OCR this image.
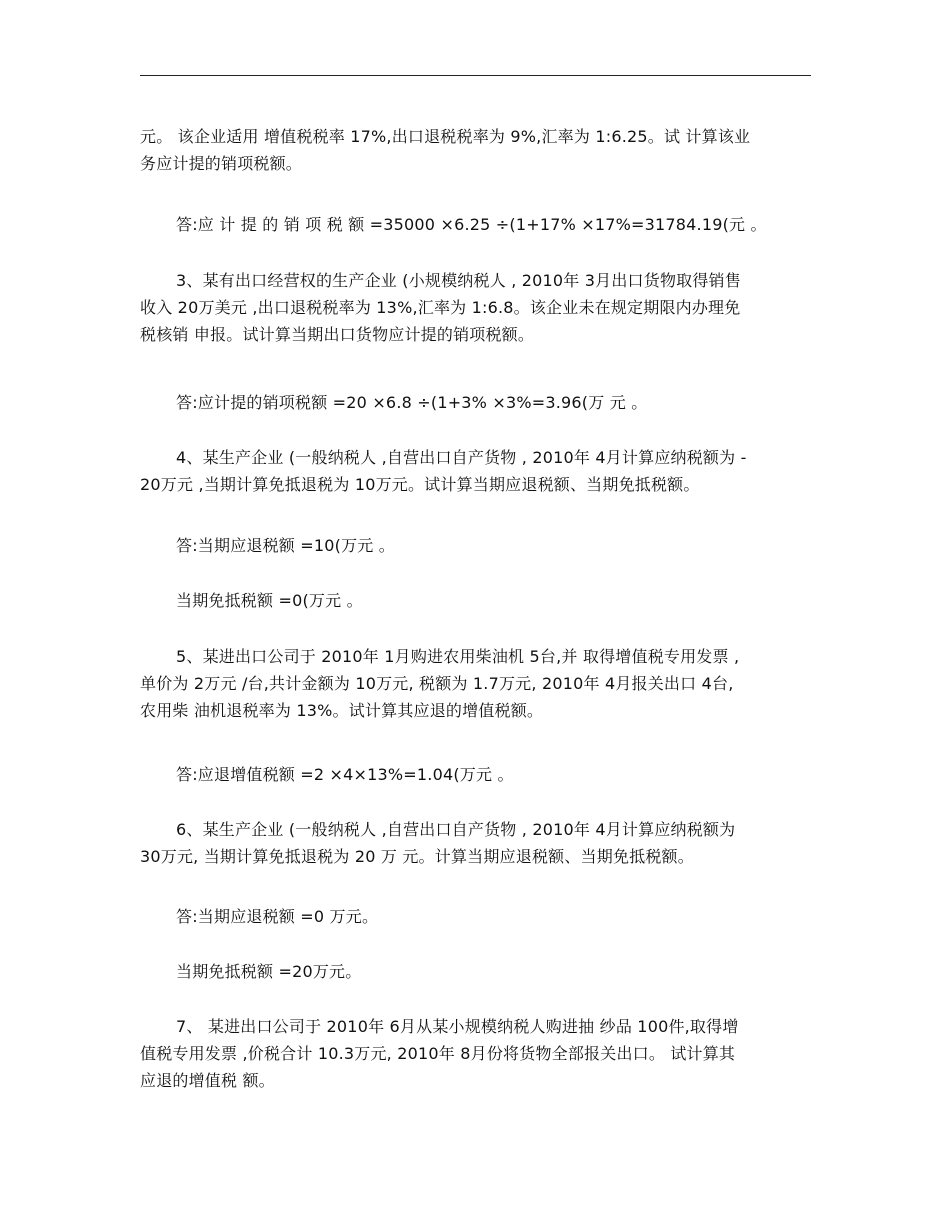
元。 该企业适用 增值税税率 17%,出口退税税率为 9%,汇率为 1:6.25。试 计算该业
务应计提的销项税额。

答:应 计 提 的 销 项 税 额 =35000 ×6.25 ÷(1+17% ×17%=31784.19(元 。

3、某有出口经营权的生产企业 (小规模纳税人 , 2010年 3月出口货物取得销售
收入 20万美元 ,出口退税税率为 13%,汇率为 1:6.8。该企业未在规定期限内办理免
税核销 申报。试计算当期出口货物应计提的销项税额。

答:应计提的销项税额 =20 ×6.8 ÷(1+3% ×3%=3.96(万 元 。

4、某生产企业 (一般纳税人 ,自营出口自产货物 , 2010年 4月计算应纳税额为 -
20万元 ,当期计算免抵退税为 10万元。试计算当期应退税额、当期免抵税额。

答:当期应退税额 =10(万元 。

当期免抵税额 =0(万元 。

5、某进出口公司于 2010年 1月购进农用柴油机 5台,并 取得增值税专用发票 ,
单价为 2万元 /台,共计金额为 10万元, 税额为 1.7万元, 2010年 4月报关出口 4台,
农用柴 油机退税率为 13%。试计算其应退的增值税额。

答:应退增值税额 =2 ×4×13%=1.04(万元 。

6、某生产企业 (一般纳税人 ,自营出口自产货物 , 2010年 4月计算应纳税额为
30万元, 当期计算免抵退税为 20 万 元。计算当期应退税额、当期免抵税额。

答:当期应退税额 =0 万元。

当期免抵税额 =20万元。

7、 某进出口公司于 2010年 6月从某小规模纳税人购进抽 纱品 100件,取得增
值税专用发票 ,价税合计 10.3万元, 2010年 8月份将货物全部报关出口。 试计算其
应退的增值税 额。
